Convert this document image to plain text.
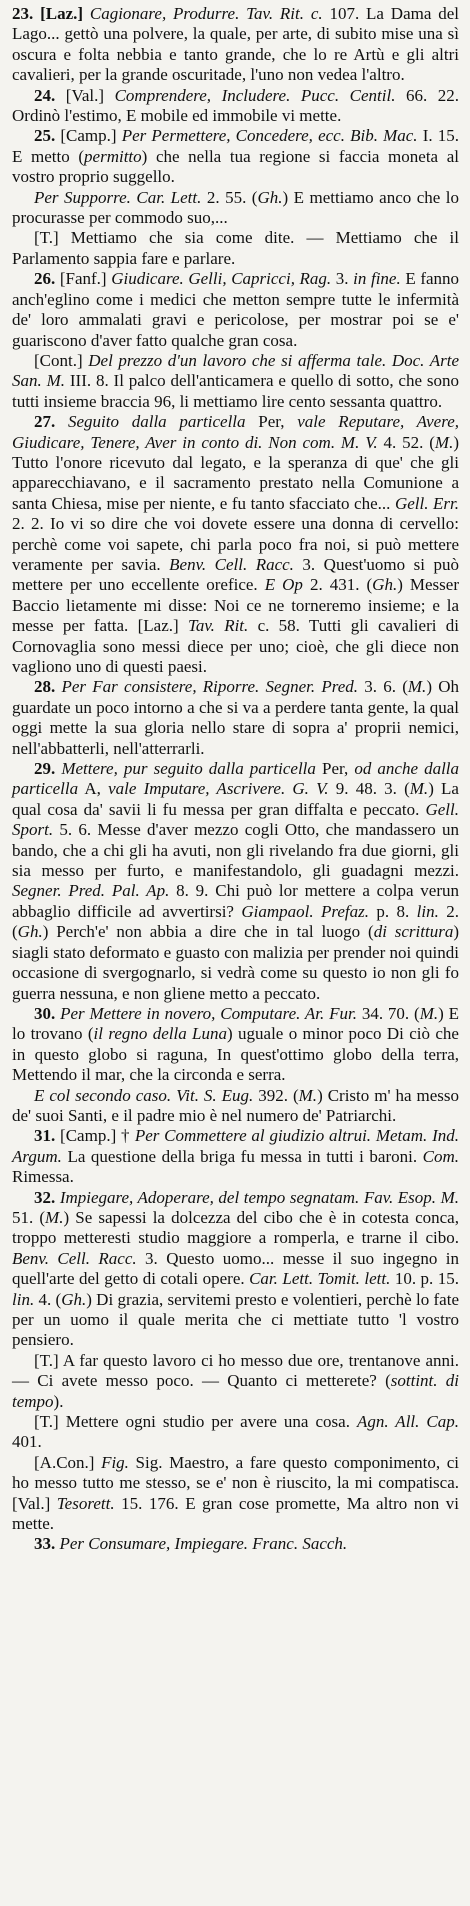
23. [Laz.] Cagionare, Produrre. Tav. Rit. c. 107. La Dama del Lago... gettò una polvere, la quale, per arte, di subito mise una sì oscura e folta nebbia e tanto grande, che lo re Artù e gli altri cavalieri, per la grande oscuritade, l'uno non vedea l'altro.

24. [Val.] Comprendere, Includere. Pucc. Centil. 66. 22. Ordinò l'estimo, E mobile ed immobile vi mette.

25. [Camp.] Per Permettere, Concedere, ecc. Bib. Mac. I. 15. E metto (permitto) che nella tua regione si faccia moneta al vostro proprio suggello.

Per Supporre. Car. Lett. 2. 55. (Gh.) E mettiamo anco che lo procurasse per commodo suo,...

[T.] Mettiamo che sia come dite. — Mettiamo che il Parlamento sappia fare e parlare.

26. [Fanf.] Giudicare. Gelli, Capricci, Rag. 3. in fine. E fanno anch'eglino come i medici che metton sempre tutte le infermità de' loro ammalati gravi e pericolose, per mostrar poi se e' guariscono d'aver fatto qualche gran cosa.

[Cont.] Del prezzo d'un lavoro che si afferma tale. Doc. Arte San. M. III. 8. Il palco dell'anticamera e quello di sotto, che sono tutti insieme braccia 96, li mettiamo lire cento sessanta quattro.

27. Seguito dalla particella Per, vale Reputare, Avere, Giudicare, Tenere, Aver in conto di. Non com. M. V. 4. 52. (M.) Tutto l'onore ricevuto dal legato, e la speranza di que' che gli apparecchiavano, e il sacramento prestato nella Comunione a santa Chiesa, mise per niente, e fu tanto sfacciato che... Gell. Err. 2. 2. Io vi so dire che voi dovete essere una donna di cervello: perchè come voi sapete, chi parla poco fra noi, si può mettere veramente per savia. Benv. Cell. Racc. 3. Quest'uomo si può mettere per uno eccellente orefice. E Op 2. 431. (Gh.) Messer Baccio lietamente mi disse: Noi ce ne torneremo insieme; e la messe per fatta. [Laz.] Tav. Rit. c. 58. Tutti gli cavalieri di Cornovaglia sono messi diece per uno; cioè, che gli diece non vagliono uno di questi paesi.

28. Per Far consistere, Riporre. Segner. Pred. 3. 6. (M.) Oh guardate un poco intorno a che si va a perdere tanta gente, la qual oggi mette la sua gloria nello stare di sopra a' proprii nemici, nell'abbatterli, nell'atterrarli.

29. Mettere, pur seguito dalla particella Per, od anche dalla particella A, vale Imputare, Ascrivere. G. V. 9. 48. 3. (M.) La qual cosa da' savii li fu messa per gran diffalta e peccato. Gell. Sport. 5. 6. Messe d'aver mezzo cogli Otto, che mandassero un bando, che a chi gli ha avuti, non gli rivelando fra due giorni, gli sia messo per furto, e manifestandolo, gli guadagni mezzi. Segner. Pred. Pal. Ap. 8. 9. Chi può lor mettere a colpa verun abbaglio difficile ad avvertirsi? Giampaol. Prefaz. p. 8. lin. 2. (Gh.) Perch'e' non abbia a dire che in tal luogo (di scrittura) siagli stato deformato e guasto con malizia per prender noi quindi occasione di svergognarlo, si vedrà come su questo io non gli fo guerra nessuna, e non gliene metto a peccato.

30. Per Mettere in novero, Computare. Ar. Fur. 34. 70. (M.) E lo trovano (il regno della Luna) uguale o minor poco Di ciò che in questo globo si raguna, In quest'ottimo globo della terra, Mettendo il mar, che la circonda e serra.

E col secondo caso. Vit. S. Eug. 392. (M.) Cristo m' ha messo de' suoi Santi, e il padre mio è nel numero de' Patriarchi.

31. [Camp.] † Per Commettere al giudizio altrui. Metam. Ind. Argum. La questione della briga fu messa in tutti i baroni. Com. Rimessa.

32. Impiegare, Adoperare, del tempo segnatam. Fav. Esop. M. 51. (M.) Se sapessi la dolcezza del cibo che è in cotesta conca, troppo metteresti studio maggiore a romperla, e trarne il cibo. Benv. Cell. Racc. 3. Questo uomo... messe il suo ingegno in quell'arte del getto di cotali opere. Car. Lett. Tomit. lett. 10. p. 15. lin. 4. (Gh.) Di grazia, servitemi presto e volentieri, perchè lo fate per un uomo il quale merita che ci mettiate tutto 'l vostro pensiero.

[T.] A far questo lavoro ci ho messo due ore, trentanove anni. — Ci avete messo poco. — Quanto ci metterete? (sottint. di tempo).

[T.] Mettere ogni studio per avere una cosa. Agn. All. Cap. 401.

[A.Con.] Fig. Sig. Maestro, a fare questo componimento, ci ho messo tutto me stesso, se e' non è riuscito, la mi compatisca. [Val.] Tesorett. 15. 176. E gran cose promette, Ma altro non vi mette.

33. Per Consumare, Impiegare. Franc. Sacch.
